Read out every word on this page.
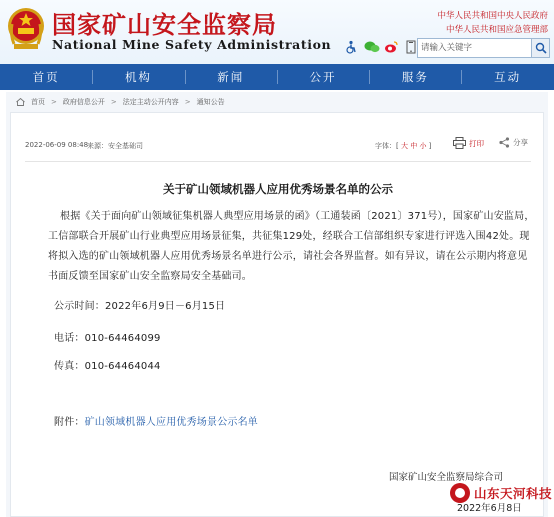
国家矿山安全监察局
National Mine Safety Administration
中华人民共和国中央人民政府
中华人民共和国应急管理部
请输入关键字
首页	机构	新闻	公开	服务	互动
首页 > 政府信息公开 > 法定主动公开内容 > 通知公告
2022-06-09 08:48
来源：安全基础司	字体：[ 大 中 小 ]	打印	分享
关于矿山领域机器人应用优秀场景名单的公示
根据《关于面向矿山领域征集机器人典型应用场景的函》（工通装函〔2021〕371号），国家矿山安监局，工信部联合开展矿山行业典型应用场景征集，共征集129处，经联合工信部组织专家进行评选入围42处。现将拟入选的矿山领域机器人应用优秀场景名单进行公示，请社会各界监督。如有异议，请在公示期内将意见书面反馈至国家矿山安全监察局安全基础司。
公示时间：2022年6月9日－6月15日
电话：010-64464099
传真：010-64464044
附件：矿山领域机器人应用优秀场景公示名单
国家矿山安全监察局综合司
2022年6月8日
山东天河科技
